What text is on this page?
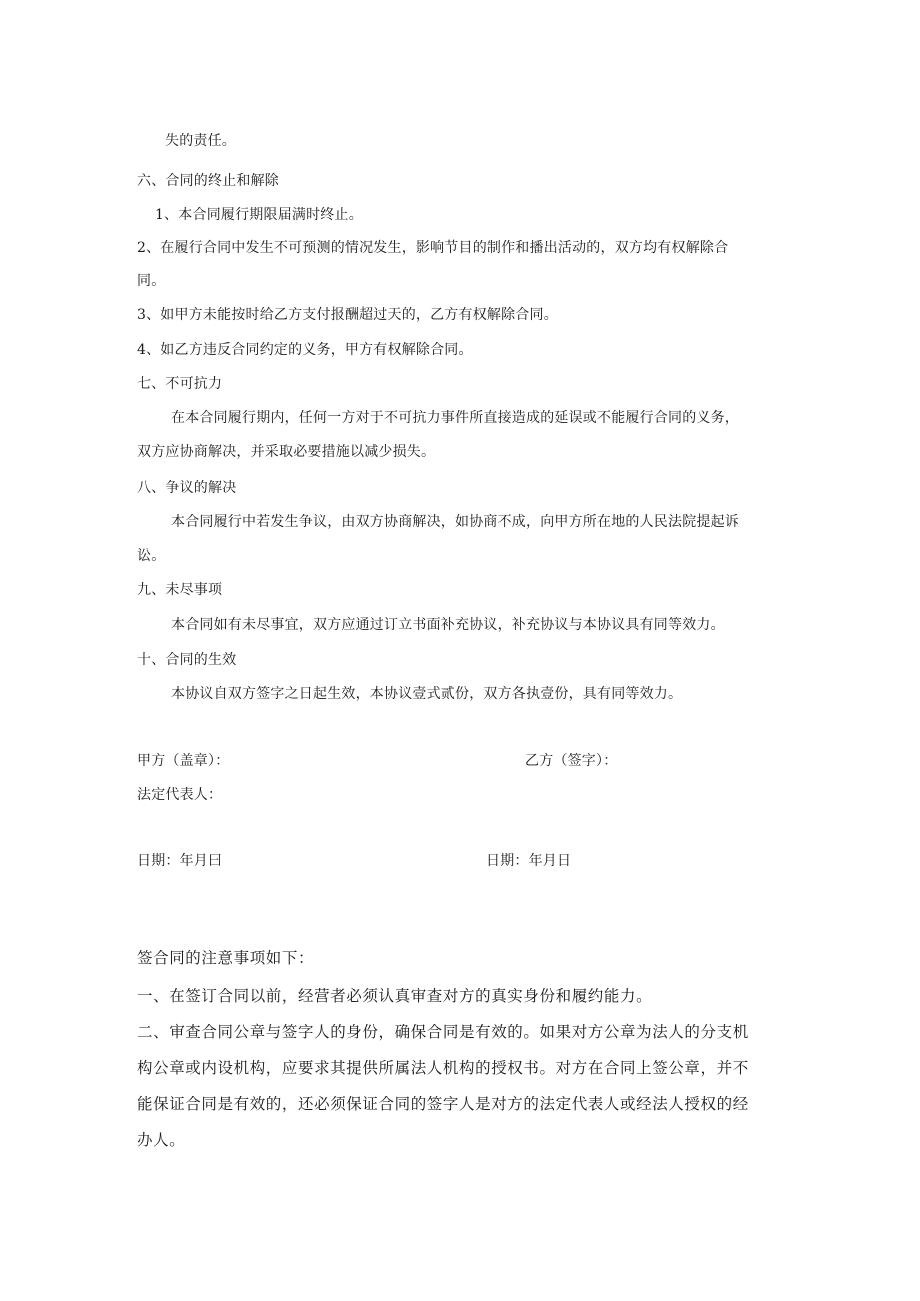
失的责任。
六、合同的终止和解除
1、本合同履行期限届满时终止。
2、在履行合同中发生不可预测的情况发生，影响节目的制作和播出活动的，双方均有权解除合
同。
3、如甲方未能按时给乙方支付报酬超过天的，乙方有权解除合同。
4、如乙方违反合同约定的义务，甲方有权解除合同。
七、不可抗力
在本合同履行期内，任何一方对于不可抗力事件所直接造成的延误或不能履行合同的义务，
双方应协商解决，并采取必要措施以减少损失。
八、争议的解决
本合同履行中若发生争议，由双方协商解决，如协商不成，向甲方所在地的人民法院提起诉
讼。
九、未尽事项
本合同如有未尽事宜，双方应通过订立书面补充协议，补充协议与本协议具有同等效力。
十、合同的生效
本协议自双方签字之日起生效，本协议壹式贰份，双方各执壹份，具有同等效力。
甲方（盖章）：	乙方（签字）：
法定代表人：
日期：年月曰	日期：年月日
签合同的注意事项如下：
一、在签订合同以前，经营者必须认真审查对方的真实身份和履约能力。
二、审查合同公章与签字人的身份，确保合同是有效的。如果对方公章为法人的分支机
构公章或内设机构，应要求其提供所属法人机构的授权书。对方在合同上签公章，并不
能保证合同是有效的，还必须保证合同的签字人是对方的法定代表人或经法人授权的经
办人。
